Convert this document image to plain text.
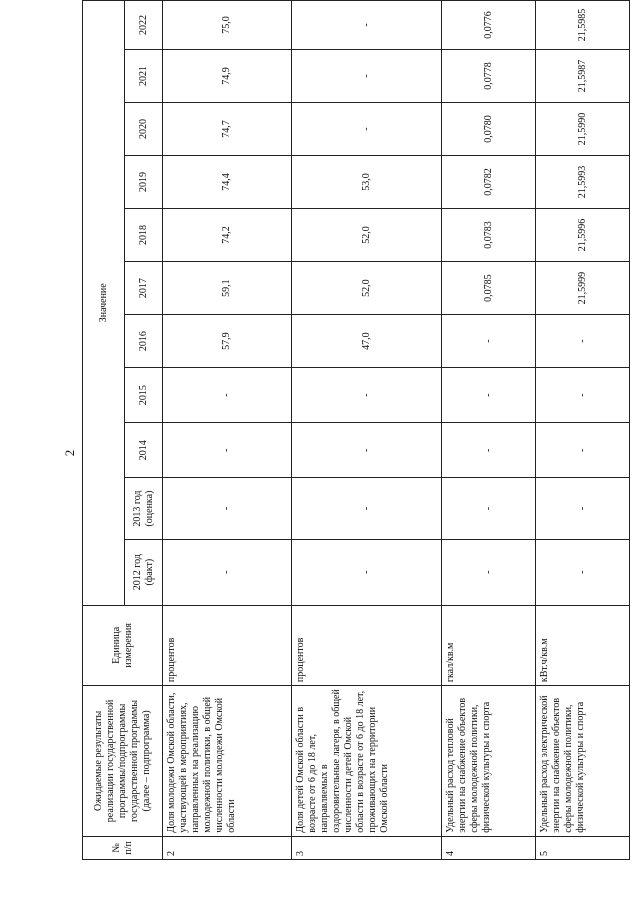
2
№ п/п	Ожидаемые результаты реализации государственной программы/подпрограммы государственной программы (далее – подпрограмма)	Единица измерения	Значение										
			2012 год (факт)	2013 год (оценка)	2014	2015	2016	2017	2018	2019	2020	2021	2022
2	Доля молодежи Омской области, участвующей в мероприятиях, направленных на реализацию молодежной политики, в общей численности молодежи Омской области	процентов	-	-	-	-	57,9	59,1	74,2	74,4	74,7	74,9	75,0
3	Доля детей Омской области в возрасте от 6 до 18 лет, направляемых в оздоровительные лагеря, в общей численности детей Омской области в возрасте от 6 до 18 лет, проживающих на территории Омской области	процентов	-	-	-	-	47,0	52,0	52,0	53,0	-	-	-
4	Удельный расход тепловой энергии на снабжение объектов сферы молодежной политики, физической культуры и спорта	гкал/кв.м	-	-	-	-	-	0,0785	0,0783	0,0782	0,0780	0,0778	0,0776
5	Удельный расход электрической энергии на снабжение объектов сферы молодежной политики, физической культуры и спорта	кВт.ч/кв.м	-	-	-	-	-	21,5999	21,5996	21,5993	21,5990	21,5987	21,5985
